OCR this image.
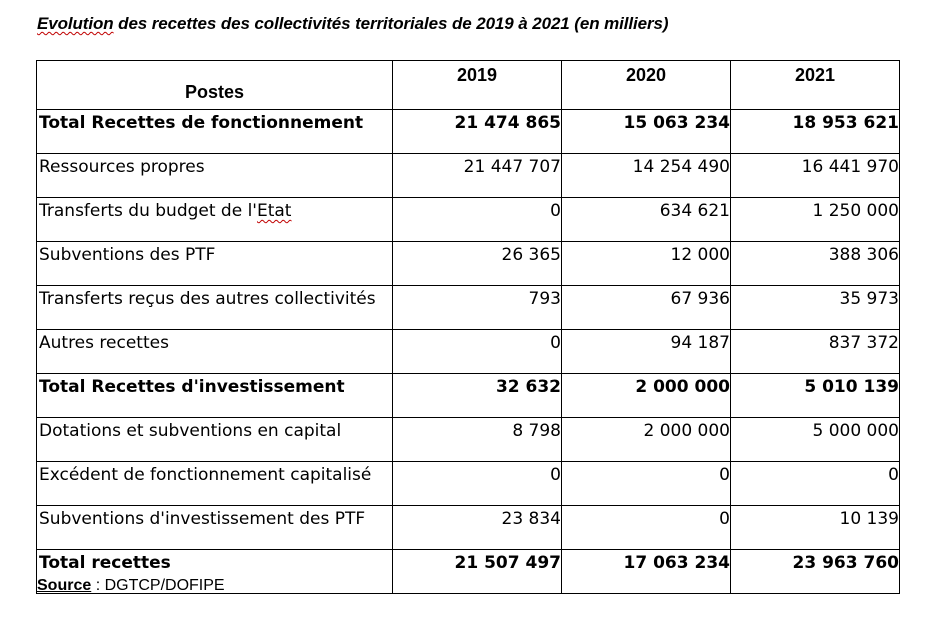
Evolution des recettes des collectivités territoriales de 2019 à 2021 (en milliers)
Postes	2019	2020	2021
Total Recettes de fonctionnement	21 474 865	15 063 234	18 953 621
Ressources propres	21 447 707	14 254 490	16 441 970
Transferts du budget de l'Etat	0	634 621	1 250 000
Subventions des PTF	26 365	12 000	388 306
Transferts reçus des autres collectivités	793	67 936	35 973
Autres recettes	0	94 187	837 372
Total Recettes d'investissement	32 632	2 000 000	5 010 139
Dotations et subventions en capital	8 798	2 000 000	5 000 000
Excédent de fonctionnement capitalisé	0	0	0
Subventions d'investissement des PTF	23 834	0	10 139
Total recettes	21 507 497	17 063 234	23 963 760
Source : DGTCP/DOFIPE
